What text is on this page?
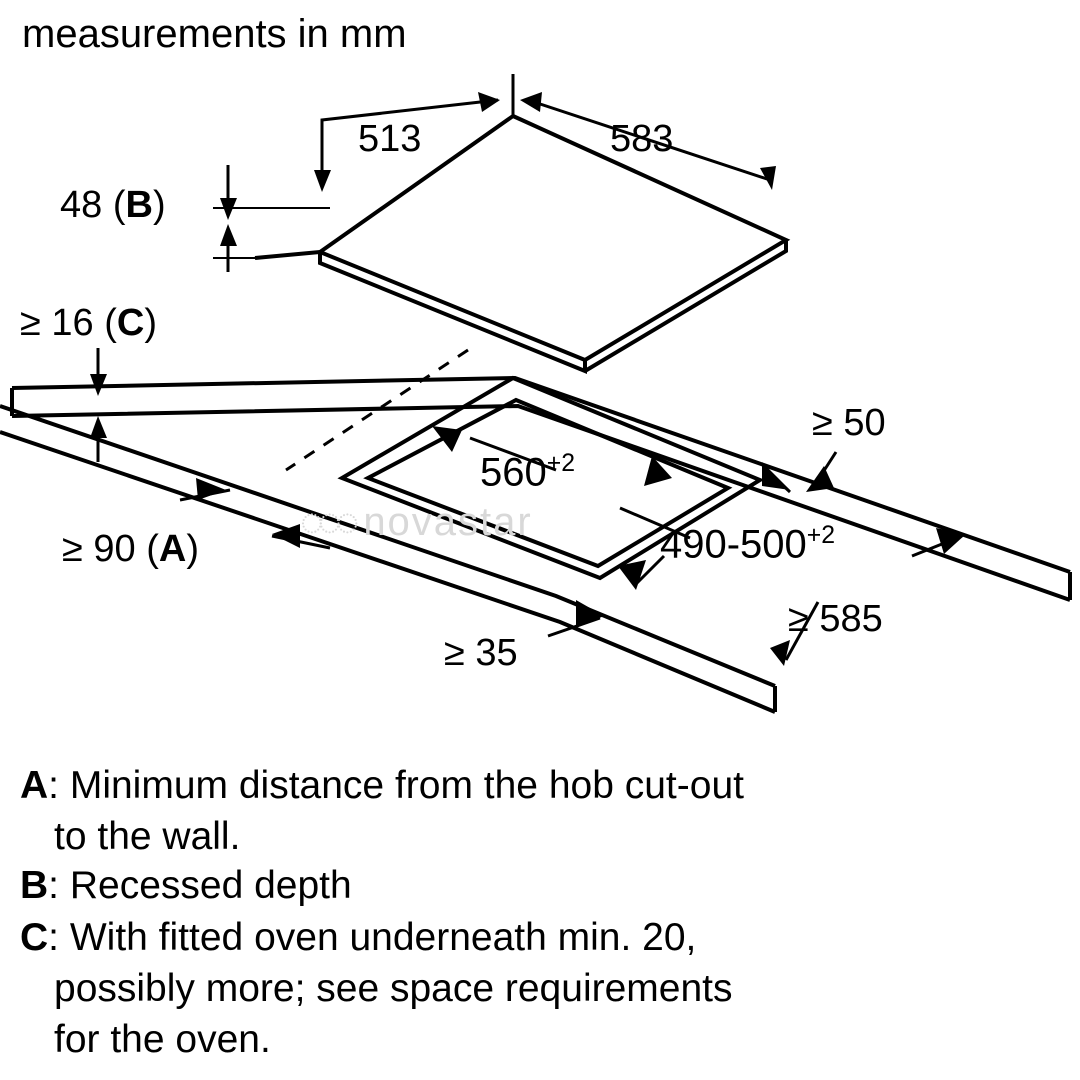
measurements in mm
513	583
48 (B)
≥ 16 (C)
$560^{+2}$
$490-500^{+2}$
≥ 50
≥ 90 (A)
≥ 35
≥ 585
◌◌◌ novastar
A: Minimum distance from the hob cut-out
to the wall.
B: Recessed depth
C: With fitted oven underneath min. 20,
possibly more; see space requirements
for the oven.
